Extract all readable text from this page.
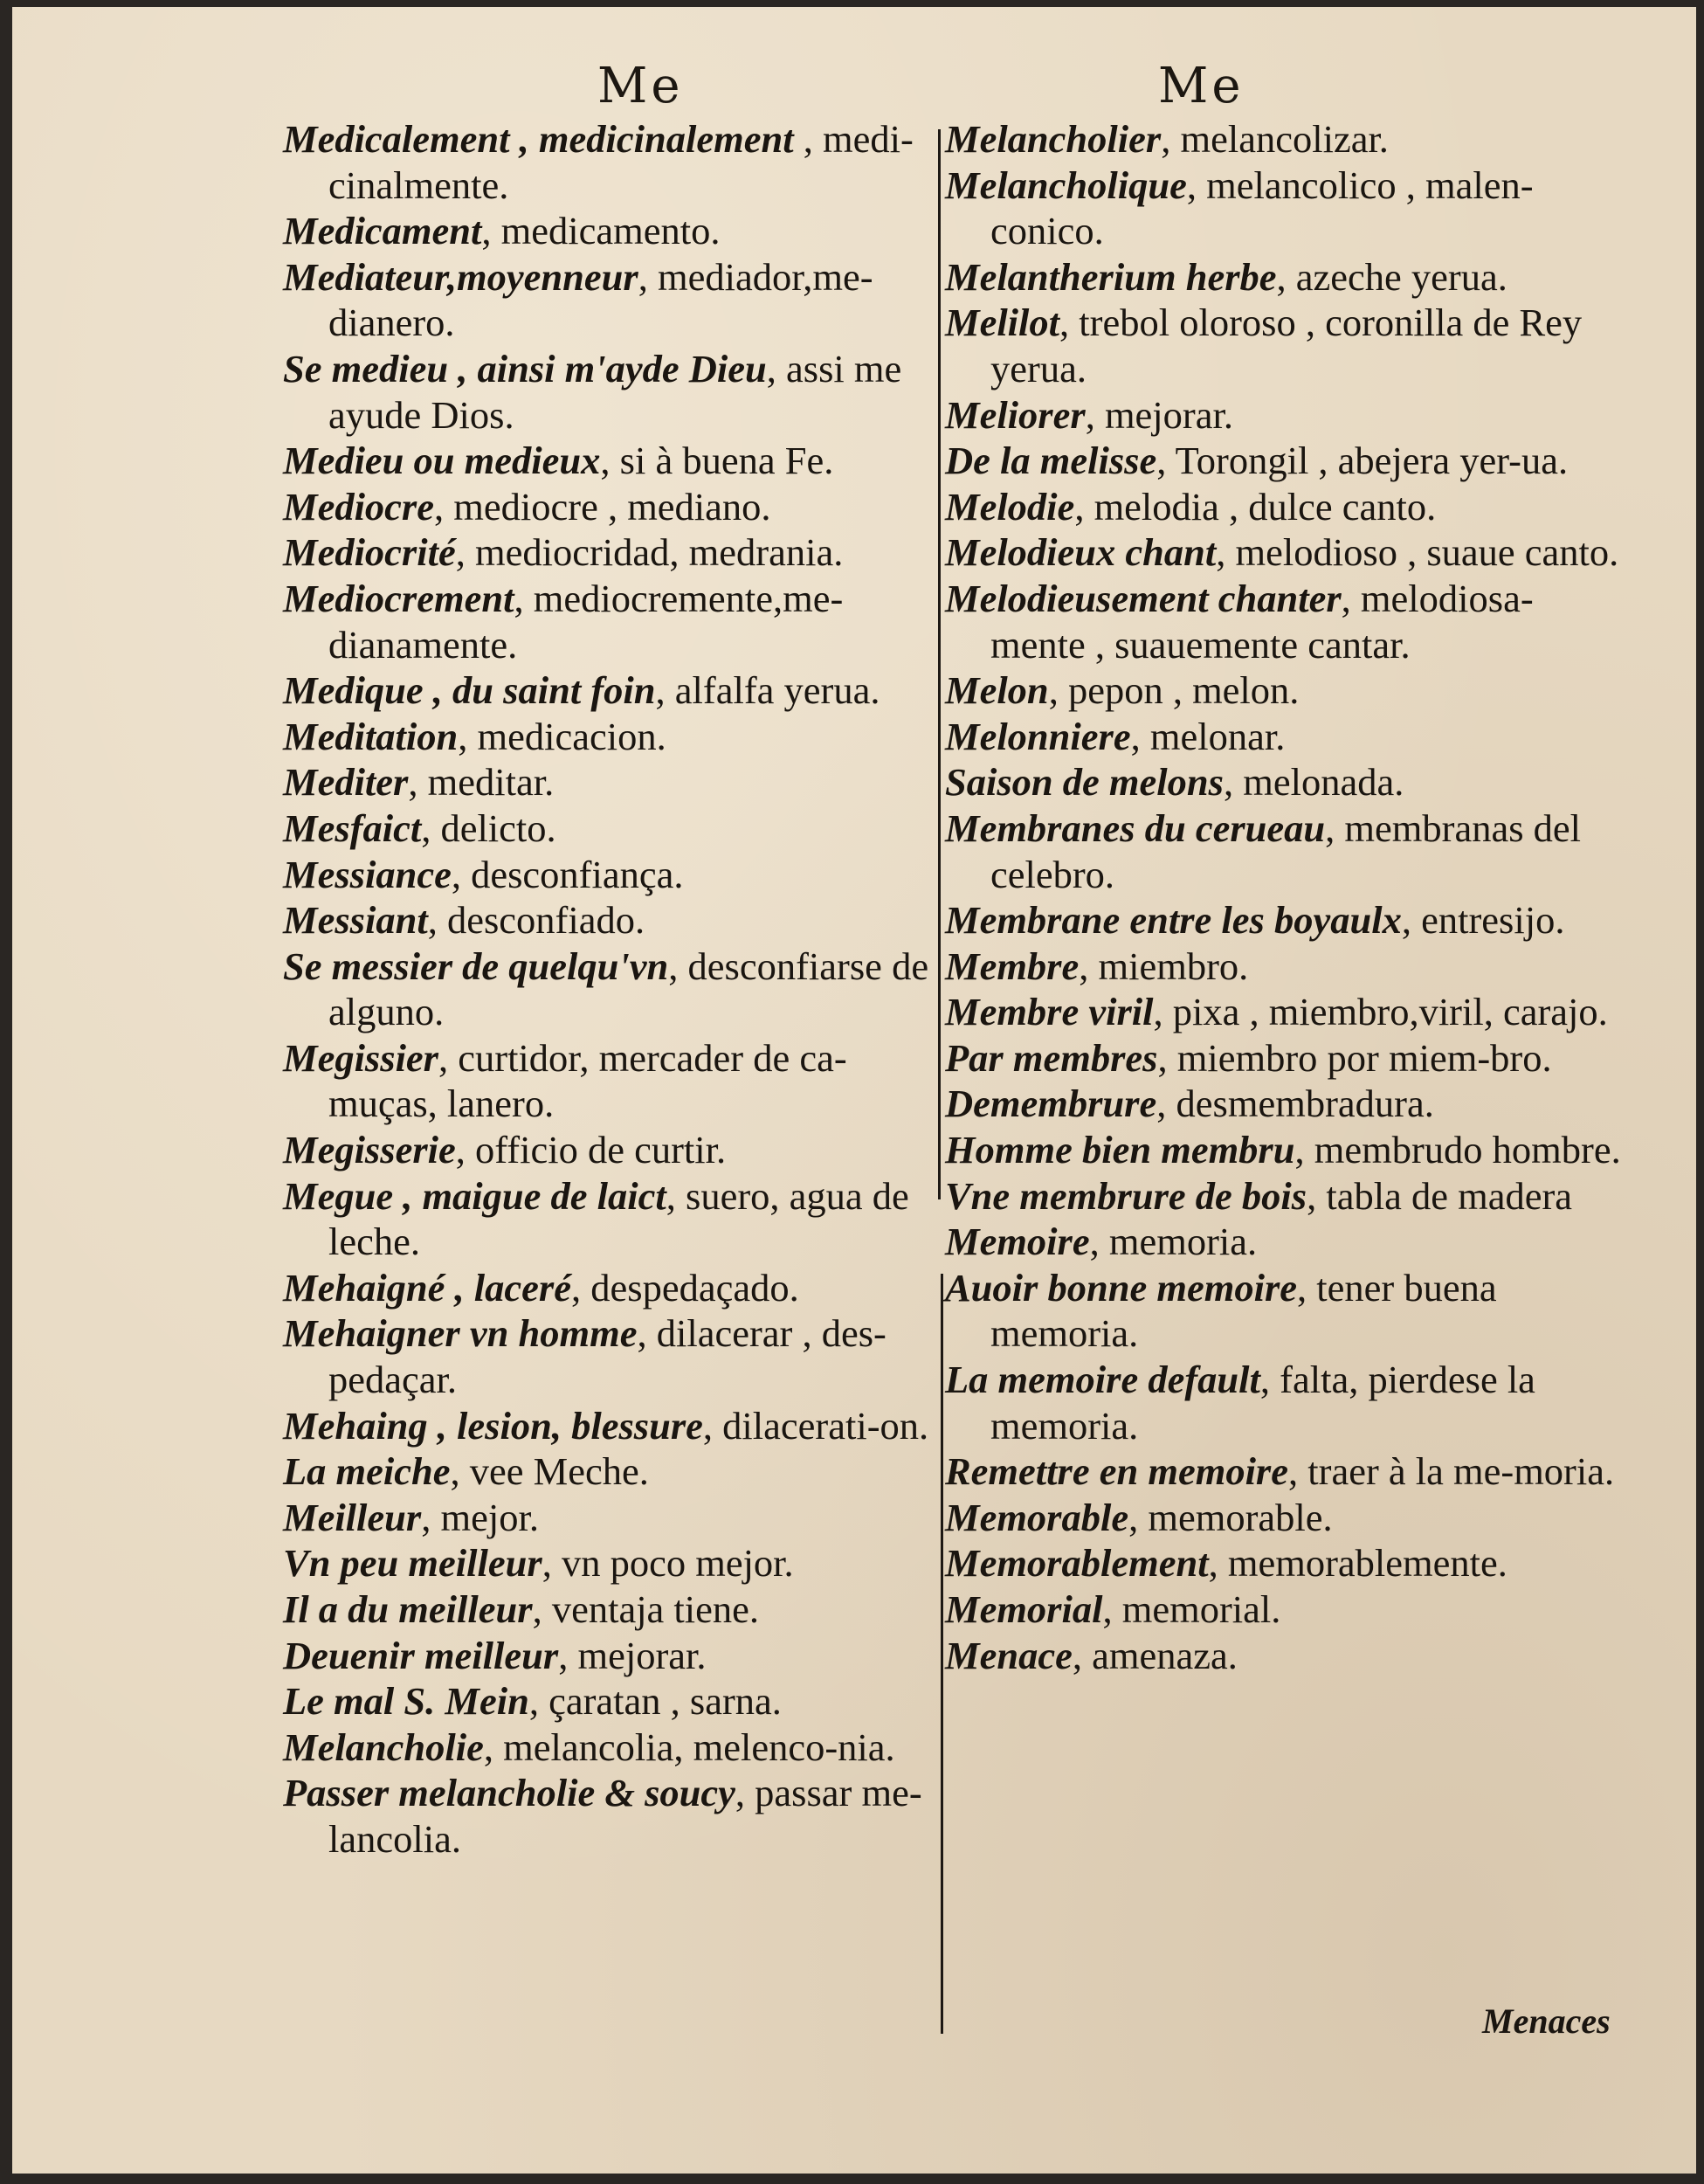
Me	Me
Medicalement , medicinalement , medi-cinalmente.
Medicament, medicamento.
Mediateur,moyenneur, mediador,me-dianero.
Se medieu , ainsi m'ayde Dieu, assi me ayude Dios.
Medieu ou medieux, si à buena Fe.
Mediocre, mediocre , mediano.
Mediocrité, mediocridad, medrania.
Mediocrement, mediocremente,me-dianamente.
Medique , du saint foin, alfalfa yerua.
Meditation, medicacion.
Mediter, meditar.
Mesfaict, delicto.
Messiance, desconfiança.
Messiant, desconfiado.
Se messier de quelqu'vn, desconfiarse de alguno.
Megissier, curtidor, mercader de ca-muças, lanero.
Megisserie, officio de curtir.
Megue , maigue de laict, suero, agua de leche.
Mehaigné , laceré, despedaçado.
Mehaigner vn homme, dilacerar , des-pedaçar.
Mehaing , lesion, blessure, dilacerati-on.
La meiche, vee Meche.
Meilleur, mejor.
Vn peu meilleur, vn poco mejor.
Il a du meilleur, ventaja tiene.
Deuenir meilleur, mejorar.
Le mal S. Mein, çaratan , sarna.
Melancholie, melancolia, melenco-nia.
Passer melancholie & soucy, passar me-lancolia.
Melancholier, melancolizar.
Melancholique, melancolico , malen-conico.
Melantherium herbe, azeche yerua.
Melilot, trebol oloroso , coronilla de Rey yerua.
Meliorer, mejorar.
De la melisse, Torongil , abejera yer-ua.
Melodie, melodia , dulce canto.
Melodieux chant, melodioso , suaue canto.
Melodieusement chanter, melodiosa-mente , suauemente cantar.
Melon, pepon , melon.
Melonniere, melonar.
Saison de melons, melonada.
Membranes du cerueau, membranas del celebro.
Membrane entre les boyaulx, entresijo.
Membre, miembro.
Membre viril, pixa , miembro,viril, carajo.
Par membres, miembro por miem-bro.
Demembrure, desmembradura.
Homme bien membru, membrudo hombre.
Vne membrure de bois, tabla de madera
Memoire, memoria.
Auoir bonne memoire, tener buena memoria.
La memoire default, falta, pierdese la memoria.
Remettre en memoire, traer à la me-moria.
Memorable, memorable.
Memorablement, memorablemente.
Memorial, memorial.
Menace, amenaza.
Menaces
